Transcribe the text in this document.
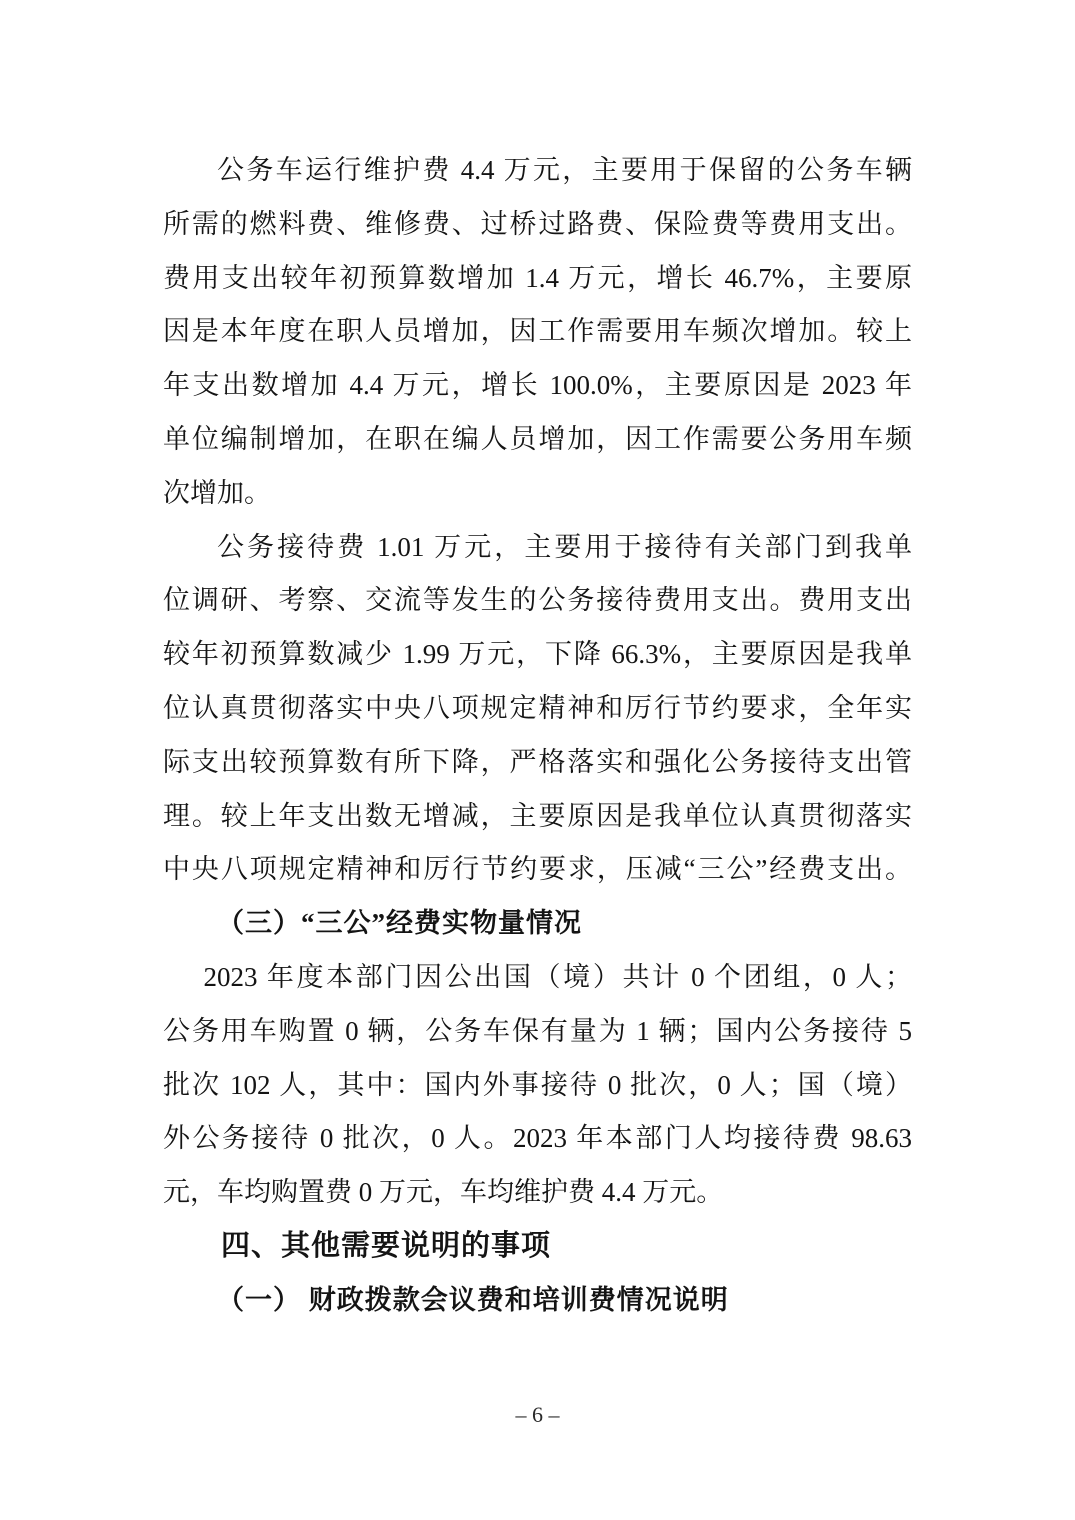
公务车运行维护费 4.4 万元，主要用于保留的公务车辆
所需的燃料费、维修费、过桥过路费、保险费等费用支出。
费用支出较年初预算数增加 1.4 万元，增长 46.7%，主要原
因是本年度在职人员增加，因工作需要用车频次增加。较上
年支出数增加 4.4 万元，增长 100.0%，主要原因是 2023 年
单位编制增加，在职在编人员增加，因工作需要公务用车频
次增加。
公务接待费 1.01 万元，主要用于接待有关部门到我单
位调研、考察、交流等发生的公务接待费用支出。费用支出
较年初预算数减少 1.99 万元，下降 66.3%，主要原因是我单
位认真贯彻落实中央八项规定精神和厉行节约要求，全年实
际支出较预算数有所下降，严格落实和强化公务接待支出管
理。较上年支出数无增减，主要原因是我单位认真贯彻落实
中央八项规定精神和厉行节约要求，压减“三公”经费支出。
（三）“三公”经费实物量情况
2023 年度本部门因公出国（境）共计 0 个团组，0 人；
公务用车购置 0 辆，公务车保有量为 1 辆；国内公务接待 5
批次 102 人，其中：国内外事接待 0 批次，0 人；国（境）
外公务接待 0 批次，0 人。2023 年本部门人均接待费 98.63
元，车均购置费 0 万元，车均维护费 4.4 万元。
四、其他需要说明的事项
（一） 财政拨款会议费和培训费情况说明
– 6 –
